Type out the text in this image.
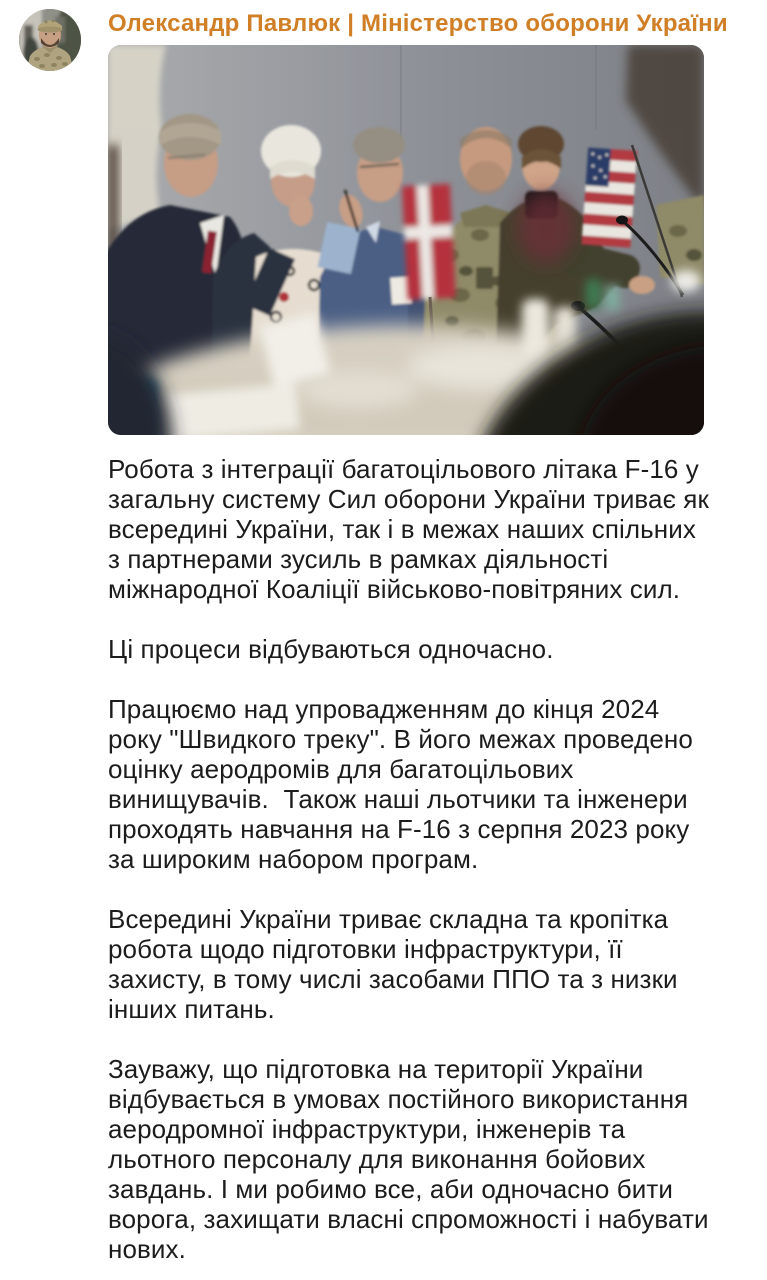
Олександр Павлюк | Міністерство оборони України

Робота з інтеграції багатоцільового літака F-16 у загальну систему Сил оборони України триває як всередині України, так і в межах наших спільних з партнерами зусиль в рамках діяльності міжнародної Коаліції військово-повітряних сил.

Ці процеси відбуваються одночасно.

Працюємо над упровадженням до кінця 2024 року "Швидкого треку". В його межах проведено оцінку аеродромів для багатоцільових винищувачів.  Також наші льотчики та інженери проходять навчання на F-16 з серпня 2023 року за широким набором програм.

Всередині України триває складна та кропітка робота щодо підготовки інфраструктури, її захисту, в тому числі засобами ППО та з низки інших питань.

Зауважу, що підготовка на території України відбувається в умовах постійного використання аеродромної інфраструктури, інженерів та льотного персоналу для виконання бойових завдань. І ми робимо все, аби одночасно бити ворога, захищати власні спроможності і набувати нових.
